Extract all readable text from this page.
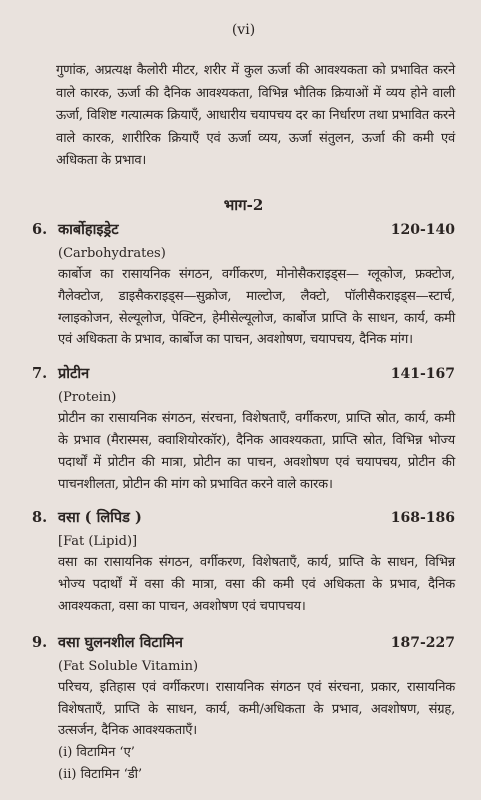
(vi)
गुणांक, अप्रत्यक्ष कैलोरी मीटर, शरीर में कुल ऊर्जा की आवश्यकता को प्रभावित करने वाले कारक, ऊर्जा की दैनिक आवश्यकता, विभिन्न भौतिक क्रियाओं में व्यय होने वाली ऊर्जा, विशिष्ट गत्यात्मक क्रियाएँ, आधारीय चयापचय दर का निर्धारण तथा प्रभावित करने वाले कारक, शारीरिक क्रियाएँ एवं ऊर्जा व्यय, ऊर्जा संतुलन, ऊर्जा की कमी एवं अधिकता के प्रभाव।
भाग-2
6. कार्बोहाइड्रेट	120-140
(Carbohydrates)
कार्बोज का रासायनिक संगठन, वर्गीकरण, मोनोसैकराइड्स— ग्लूकोज, फ्रक्टोज, गैलेक्टोज, डाइसैकराइड्स—सुक्रोज, माल्टोज, लैक्टो, पॉलीसैकराइड्स—स्टार्च, ग्लाइकोजन, सेल्यूलोज, पेक्टिन, हेमीसेल्यूलोज, कार्बोज प्राप्ति के साधन, कार्य, कमी एवं अधिकता के प्रभाव, कार्बोज का पाचन, अवशोषण, चयापचय, दैनिक मांग।
7. प्रोटीन	141-167
(Protein)
प्रोटीन का रासायनिक संगठन, संरचना, विशेषताएँ, वर्गीकरण, प्राप्ति स्रोत, कार्य, कमी के प्रभाव (मैरास्मस, क्वाशियोरकॉर), दैनिक आवश्यकता, प्राप्ति स्रोत, विभिन्न भोज्य पदार्थों में प्रोटीन की मात्रा, प्रोटीन का पाचन, अवशोषण एवं चयापचय, प्रोटीन की पाचनशीलता, प्रोटीन की मांग को प्रभावित करने वाले कारक।
8. वसा ( लिपिड )	168-186
[Fat (Lipid)]
वसा का रासायनिक संगठन, वर्गीकरण, विशेषताएँ, कार्य, प्राप्ति के साधन, विभिन्न भोज्य पदार्थों में वसा की मात्रा, वसा की कमी एवं अधिकता के प्रभाव, दैनिक आवश्यकता, वसा का पाचन, अवशोषण एवं चपापचय।
9. वसा घुलनशील विटामिन	187-227
(Fat Soluble Vitamin)
परिचय, इतिहास एवं वर्गीकरण। रासायनिक संगठन एवं संरचना, प्रकार, रासायनिक विशेषताएँ, प्राप्ति के साधन, कार्य, कमी/अधिकता के प्रभाव, अवशोषण, संग्रह, उत्सर्जन, दैनिक आवश्यकताएँ।
(i) विटामिन ‘ए’
(ii) विटामिन ‘डी’
